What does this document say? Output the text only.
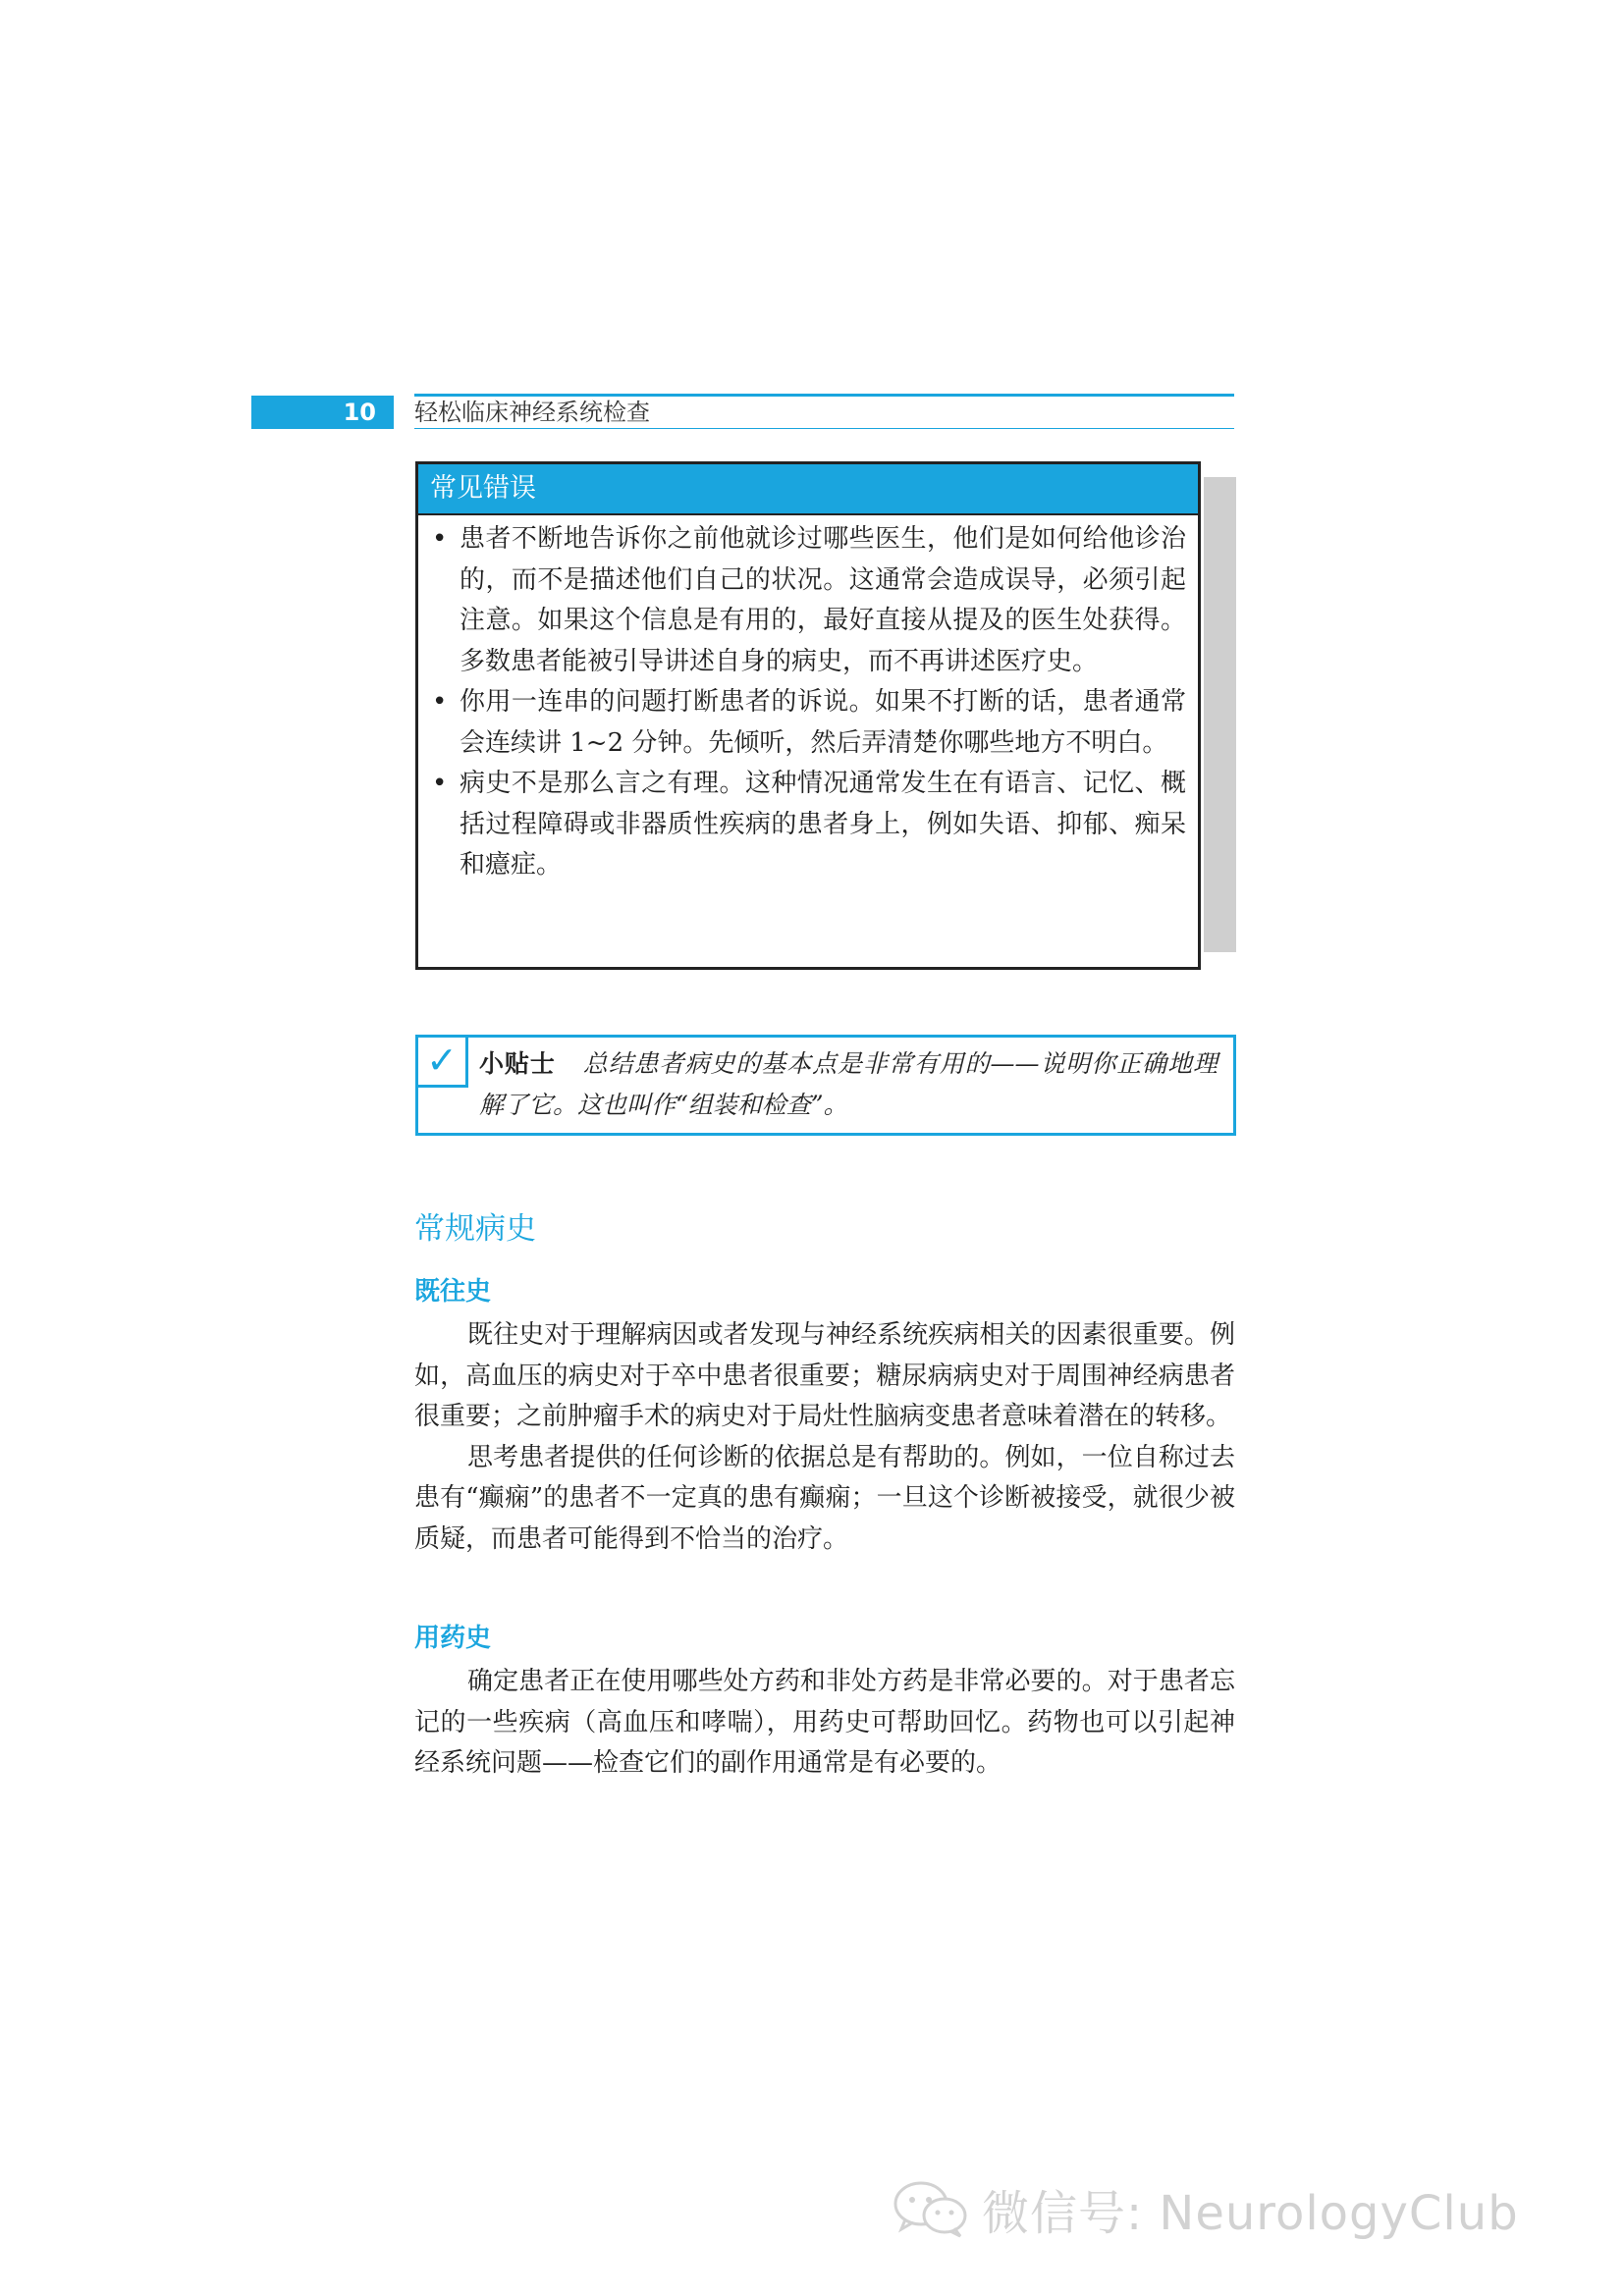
10	轻松临床神经系统检查
常见错误
• 患者不断地告诉你之前他就诊过哪些医生，他们是如何给他诊治的，而不是描述他们自己的状况。这通常会造成误导，必须引起注意。如果这个信息是有用的，最好直接从提及的医生处获得。多数患者能被引导讲述自身的病史，而不再讲述医疗史。
• 你用一连串的问题打断患者的诉说。如果不打断的话，患者通常会连续讲 1~2 分钟。先倾听，然后弄清楚你哪些地方不明白。
• 病史不是那么言之有理。这种情况通常发生在有语言、记忆、概括过程障碍或非器质性疾病的患者身上，例如失语、抑郁、痴呆和癔症。
✓ 小贴士 总结患者病史的基本点是非常有用的——说明你正确地理解了它。这也叫作“组装和检查”。
常规病史
既往史

既往史对于理解病因或者发现与神经系统疾病相关的因素很重要。例如，高血压的病史对于卒中患者很重要；糖尿病病史对于周围神经病患者很重要；之前肿瘤手术的病史对于局灶性脑病变患者意味着潜在的转移。

思考患者提供的任何诊断的依据总是有帮助的。例如，一位自称过去患有“癫痫”的患者不一定真的患有癫痫；一旦这个诊断被接受，就很少被质疑，而患者可能得到不恰当的治疗。

用药史

确定患者正在使用哪些处方药和非处方药是非常必要的。对于患者忘记的一些疾病（高血压和哮喘），用药史可帮助回忆。药物也可以引起神经系统问题——检查它们的副作用通常是有必要的。

微信号: NeurologyClub
